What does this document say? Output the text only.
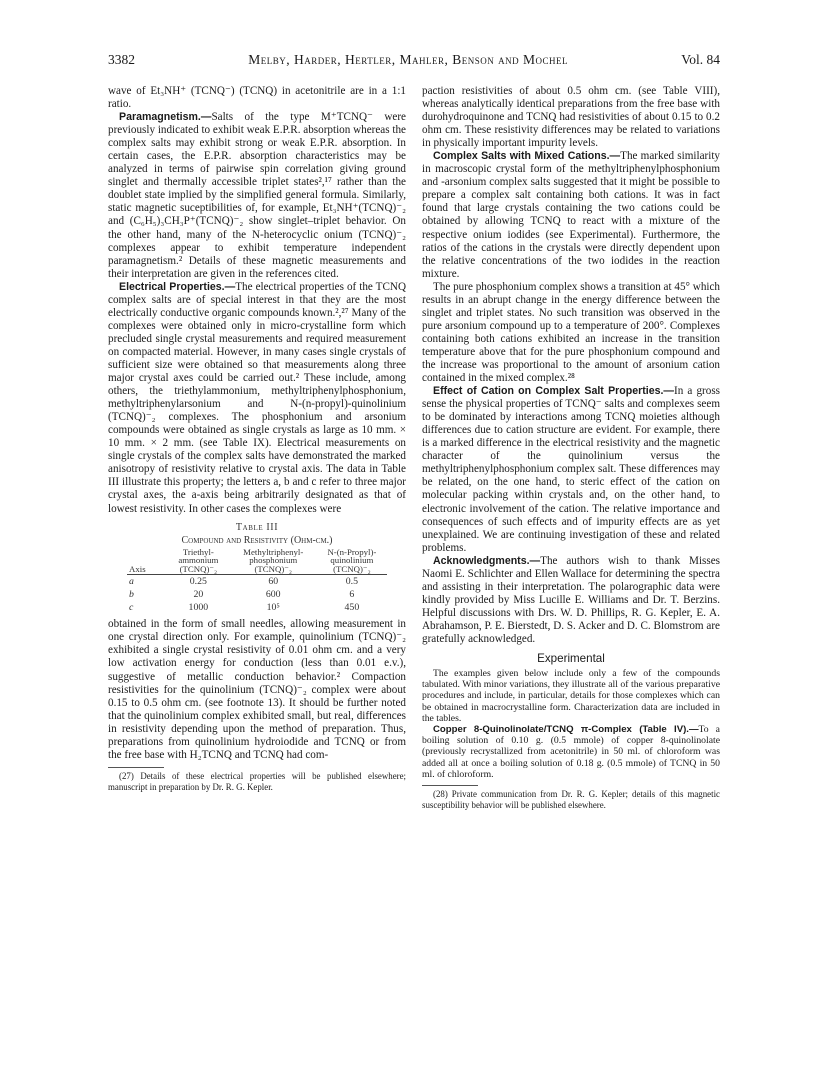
3382	Melby, Harder, Hertler, Mahler, Benson and Mochel	Vol. 84

wave of Et₃NH⁺ (TCNQ⁻) (TCNQ) in acetonitrile are in a 1:1 ratio.

Paramagnetism.—Salts of the type M⁺TCNQ⁻ were previously indicated to exhibit weak E.P.R. absorption whereas the complex salts may exhibit strong or weak E.P.R. absorption. In certain cases, the E.P.R. absorption characteristics may be analyzed in terms of pairwise spin correlation giving ground singlet and thermally accessible triplet states²,¹⁷ rather than the doublet state implied by the simplified general formula. Similarly, static magnetic suceptibilities of, for example, Et₃NH⁺(TCNQ)⁻₂ and (C₆H₅)₃CH₃P⁺(TCNQ)⁻₂ show singlet–triplet behavior. On the other hand, many of the N-heterocyclic onium (TCNQ)⁻₂ complexes appear to exhibit temperature independent paramagnetism.² Details of these magnetic measurements and their interpretation are given in the references cited.

Electrical Properties.—The electrical properties of the TCNQ complex salts are of special interest in that they are the most electrically conductive organic compounds known.²,²⁷ Many of the complexes were obtained only in micro-crystalline form which precluded single crystal measurements and required measurement on compacted material. However, in many cases single crystals of sufficient size were obtained so that measurements along three major crystal axes could be carried out.² These include, among others, the triethylammonium, methyltriphenylphosphonium, methyltriphenylarsonium and N-(n-propyl)-quinolinium (TCNQ)⁻₂ complexes. The phosphonium and arsonium compounds were obtained as single crystals as large as 10 mm. × 10 mm. × 2 mm. (see Table IX). Electrical measurements on single crystals of the complex salts have demonstrated the marked anisotropy of resistivity relative to crystal axis. The data in Table III illustrate this property; the letters a, b and c refer to three major crystal axes, the a-axis being arbitrarily designated as that of lowest resistivity. In other cases the complexes were

Table III
Compound and Resistivity (Ohm-cm.)
Axis	Triethyl- ammonium (TCNQ)⁻₂	Methyltriphenyl- phosphonium (TCNQ)⁻₂	N-(n-Propyl)- quinolinium (TCNQ)⁻₂

a	0.25	60	0.5
b	20	600	6
c	1000	10⁵	450

obtained in the form of small needles, allowing measurement in one crystal direction only. For example, quinolinium (TCNQ)⁻₂ exhibited a single crystal resistivity of 0.01 ohm cm. and a very low activation energy for conduction (less than 0.01 e.v.), suggestive of metallic conduction behavior.² Compaction resistivities for the quinolinium (TCNQ)⁻₂ complex were about 0.15 to 0.5 ohm cm. (see footnote 13). It should be further noted that the quinolinium complex exhibited small, but real, differences in resistivity depending upon the method of preparation. Thus, preparations from quinolinium hydroiodide and TCNQ or from the free base with H₂TCNQ and TCNQ had com-

(27) Details of these electrical properties will be published elsewhere; manuscript in preparation by Dr. R. G. Kepler.

paction resistivities of about 0.5 ohm cm. (see Table VIII), whereas analytically identical preparations from the free base with durohydroquinone and TCNQ had resistivities of about 0.15 to 0.2 ohm cm. These resistivity differences may be related to variations in physically important impurity levels.

Complex Salts with Mixed Cations.—The marked similarity in macroscopic crystal form of the methyltriphenylphosphonium and -arsonium complex salts suggested that it might be possible to prepare a complex salt containing both cations. It was in fact found that large crystals containing the two cations could be obtained by allowing TCNQ to react with a mixture of the respective onium iodides (see Experimental). Furthermore, the ratios of the cations in the crystals were directly dependent upon the relative concentrations of the two iodides in the reaction mixture.

The pure phosphonium complex shows a transition at 45° which results in an abrupt change in the energy difference between the singlet and triplet states. No such transition was observed in the pure arsonium compound up to a temperature of 200°. Complexes containing both cations exhibited an increase in the transition temperature above that for the pure phosphonium compound and the increase was proportional to the amount of arsonium cation contained in the mixed complex.²⁸

Effect of Cation on Complex Salt Properties.—In a gross sense the physical properties of TCNQ⁻ salts and complexes seem to be dominated by interactions among TCNQ moieties although differences due to cation structure are evident. For example, there is a marked difference in the electrical resistivity and the magnetic character of the quinolinium versus the methyltriphenylphosphonium complex salt. These differences may be related, on the one hand, to steric effect of the cation on molecular packing within crystals and, on the other hand, to electronic involvement of the cation. The relative importance and consequences of such effects and of impurity effects are as yet unexplained. We are continuing investigation of these and related problems.

Acknowledgments.—The authors wish to thank Misses Naomi E. Schlichter and Ellen Wallace for determining the spectra and assisting in their interpretation. The polarographic data were kindly provided by Miss Lucille E. Williams and Dr. T. Berzins. Helpful discussions with Drs. W. D. Phillips, R. G. Kepler, E. A. Abrahamson, P. E. Bierstedt, D. S. Acker and D. C. Blomstrom are gratefully acknowledged.

Experimental

The examples given below include only a few of the compounds tabulated. With minor variations, they illustrate all of the various preparative procedures and include, in particular, details for those complexes which can be obtained in macrocrystalline form. Characterization data are included in the tables.

Copper 8-Quinolinolate/TCNQ π-Complex (Table IV).—To a boiling solution of 0.10 g. (0.5 mmole) of copper 8-quinolinolate (previously recrystallized from acetonitrile) in 50 ml. of chloroform was added all at once a boiling solution of 0.18 g. (0.5 mmole) of TCNQ in 50 ml. of chloroform.

(28) Private communication from Dr. R. G. Kepler; details of this magnetic susceptibility behavior will be published elsewhere.
